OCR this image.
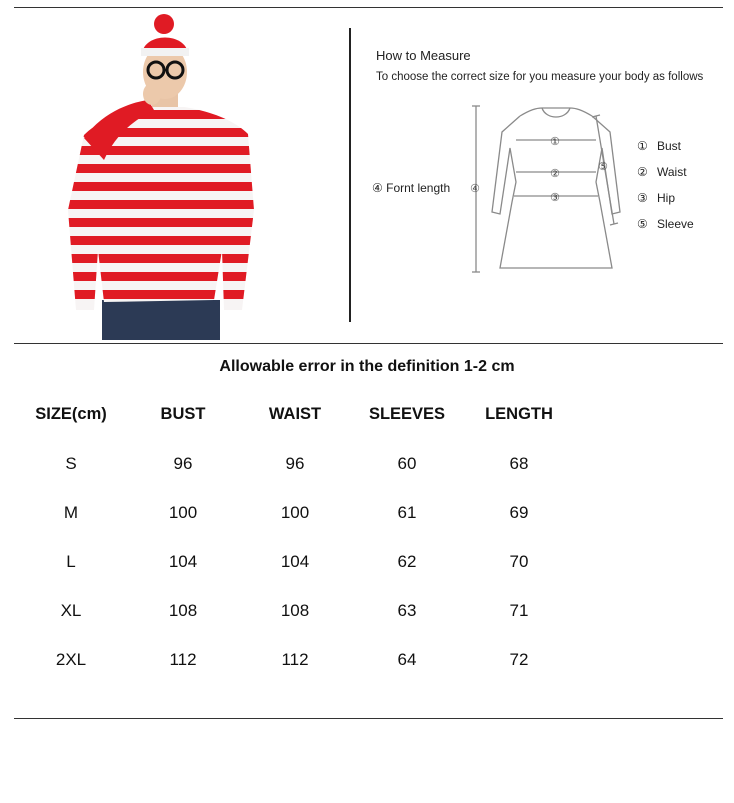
How to Measure
To choose the correct size for you measure your body as follows
④ Fornt length ④
①
②
③
⑤
① Bust
② Waist
③ Hip
⑤ Sleeve
Allowable error in the definition 1-2 cm
SIZE(cm)	BUST	WAIST	SLEEVES	LENGTH
S	96	96	60	68
M	100	100	61	69
L	104	104	62	70
XL	108	108	63	71
2XL	112	112	64	72
